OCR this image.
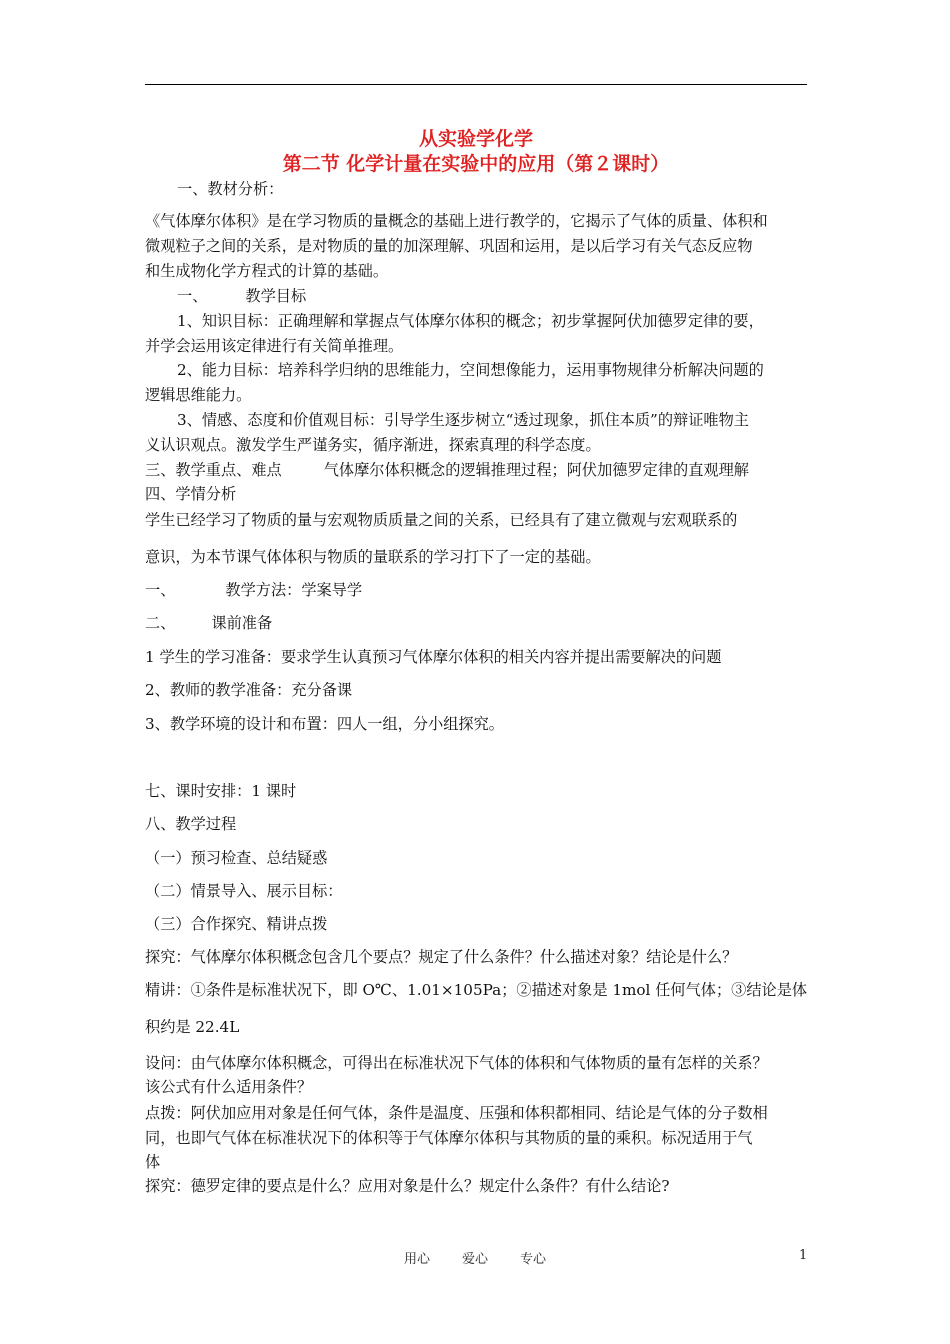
从实验学化学
第二节 化学计量在实验中的应用（第２课时）
一、教材分析：
《气体摩尔体积》是在学习物质的量概念的基础上进行教学的，它揭示了气体的质量、体积和
微观粒子之间的关系，是对物质的量的加深理解、巩固和运用，是以后学习有关气态反应物
和生成物化学方程式的计算的基础。
一、	教学目标
1、知识目标：正确理解和掌握点气体摩尔体积的概念；初步掌握阿伏加德罗定律的要，
并学会运用该定律进行有关简单推理。
2、能力目标：培养科学归纳的思维能力，空间想像能力，运用事物规律分析解决问题的
逻辑思维能力。
3、情感、态度和价值观目标：引导学生逐步树立“透过现象，抓住本质”的辩证唯物主
义认识观点。激发学生严谨务实，循序渐进，探索真理的科学态度。
三、教学重点、难点	气体摩尔体积概念的逻辑推理过程；阿伏加德罗定律的直观理解
四、学情分析
学生已经学习了物质的量与宏观物质质量之间的关系，已经具有了建立微观与宏观联系的
意识，为本节课气体体积与物质的量联系的学习打下了一定的基础。
一、	教学方法：学案导学
二、 课前准备
1 学生的学习准备：要求学生认真预习气体摩尔体积的相关内容并提出需要解决的问题
2、教师的教学准备：充分备课
3、教学环境的设计和布置：四人一组，分小组探究。
七、课时安排：1 课时
八、教学过程
（一）预习检查、总结疑惑
（二）情景导入、展示目标：
（三）合作探究、精讲点拨
探究：气体摩尔体积概念包含几个要点？规定了什么条件？什么描述对象？结论是什么？
精讲：①条件是标准状况下，即 O℃、1.01×105Pa；②描述对象是 1mol 任何气体；③结论是体
积约是 22.4L
设问：由气体摩尔体积概念，可得出在标准状况下气体的体积和气体物质的量有怎样的关系？
该公式有什么适用条件？
点拨：阿伏加应用对象是任何气体，条件是温度、压强和体积都相同、结论是气体的分子数相
同，也即气气体在标准状况下的体积等于气体摩尔体积与其物质的量的乘积。标况适用于气
体
探究：德罗定律的要点是什么？应用对象是什么？规定什么条件？有什么结论?
用心 爱心 专心	1
